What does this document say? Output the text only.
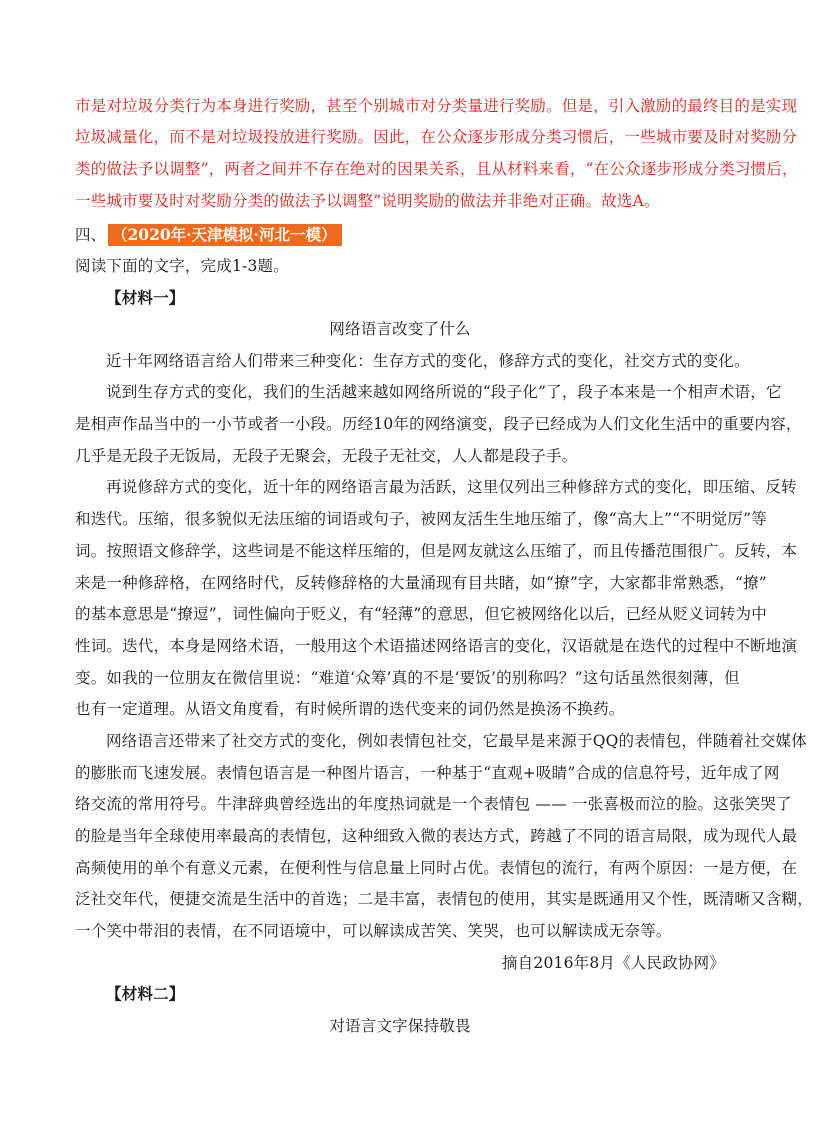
市是对垃圾分类行为本身进行奖励，甚至个别城市对分类量进行奖励。但是，引入激励的最终目的是实现
垃圾减量化，而不是对垃圾投放进行奖励。因此，在公众逐步形成分类习惯后，一些城市要及时对奖励分
类的做法予以调整”，两者之间并不存在绝对的因果关系，且从材料来看，“在公众逐步形成分类习惯后，
一些城市要及时对奖励分类的做法予以调整”说明奖励的做法并非绝对正确。故选A。
四、 （2020年·天津模拟·河北一模）
阅读下面的文字，完成1-3题。
【材料一】
网络语言改变了什么
近十年网络语言给人们带来三种变化：生存方式的变化，修辞方式的变化，社交方式的变化。
说到生存方式的变化，我们的生活越来越如网络所说的“段子化”了，段子本来是一个相声术语，它
是相声作品当中的一小节或者一小段。历经10年的网络演变，段子已经成为人们文化生活中的重要内容，
几乎是无段子无饭局，无段子无聚会，无段子无社交，人人都是段子手。
再说修辞方式的变化，近十年的网络语言最为活跃，这里仅列出三种修辞方式的变化，即压缩、反转
和迭代。压缩，很多貌似无法压缩的词语或句子，被网友活生生地压缩了，像“高大上”“不明觉厉”等
词。按照语文修辞学，这些词是不能这样压缩的，但是网友就这么压缩了，而且传播范围很广。反转，本
来是一种修辞格，在网络时代，反转修辞格的大量涌现有目共睹，如“撩”字，大家都非常熟悉，“撩”
的基本意思是“撩逗”，词性偏向于贬义，有“轻薄”的意思，但它被网络化以后，已经从贬义词转为中
性词。迭代，本身是网络术语，一般用这个术语描述网络语言的变化，汉语就是在迭代的过程中不断地演
变。如我的一位朋友在微信里说：“难道‘众筹’真的不是‘要饭’的别称吗？”这句话虽然很刻薄，但
也有一定道理。从语文角度看，有时候所谓的迭代变来的词仍然是换汤不换药。
网络语言还带来了社交方式的变化，例如表情包社交，它最早是来源于QQ的表情包，伴随着社交媒体
的膨胀而飞速发展。表情包语言是一种图片语言，一种基于“直观+吸睛”合成的信息符号，近年成了网
络交流的常用符号。牛津辞典曾经选出的年度热词就是一个表情包 —— 一张喜极而泣的脸。这张笑哭了
的脸是当年全球使用率最高的表情包，这种细致入微的表达方式，跨越了不同的语言局限，成为现代人最
高频使用的单个有意义元素，在便利性与信息量上同时占优。表情包的流行，有两个原因：一是方便，在
泛社交年代，便捷交流是生活中的首选；二是丰富，表情包的使用，其实是既通用又个性，既清晰又含糊，
一个笑中带泪的表情，在不同语境中，可以解读成苦笑、笑哭，也可以解读成无奈等。
摘自2016年8月《人民政协网》
【材料二】
对语言文字保持敬畏
